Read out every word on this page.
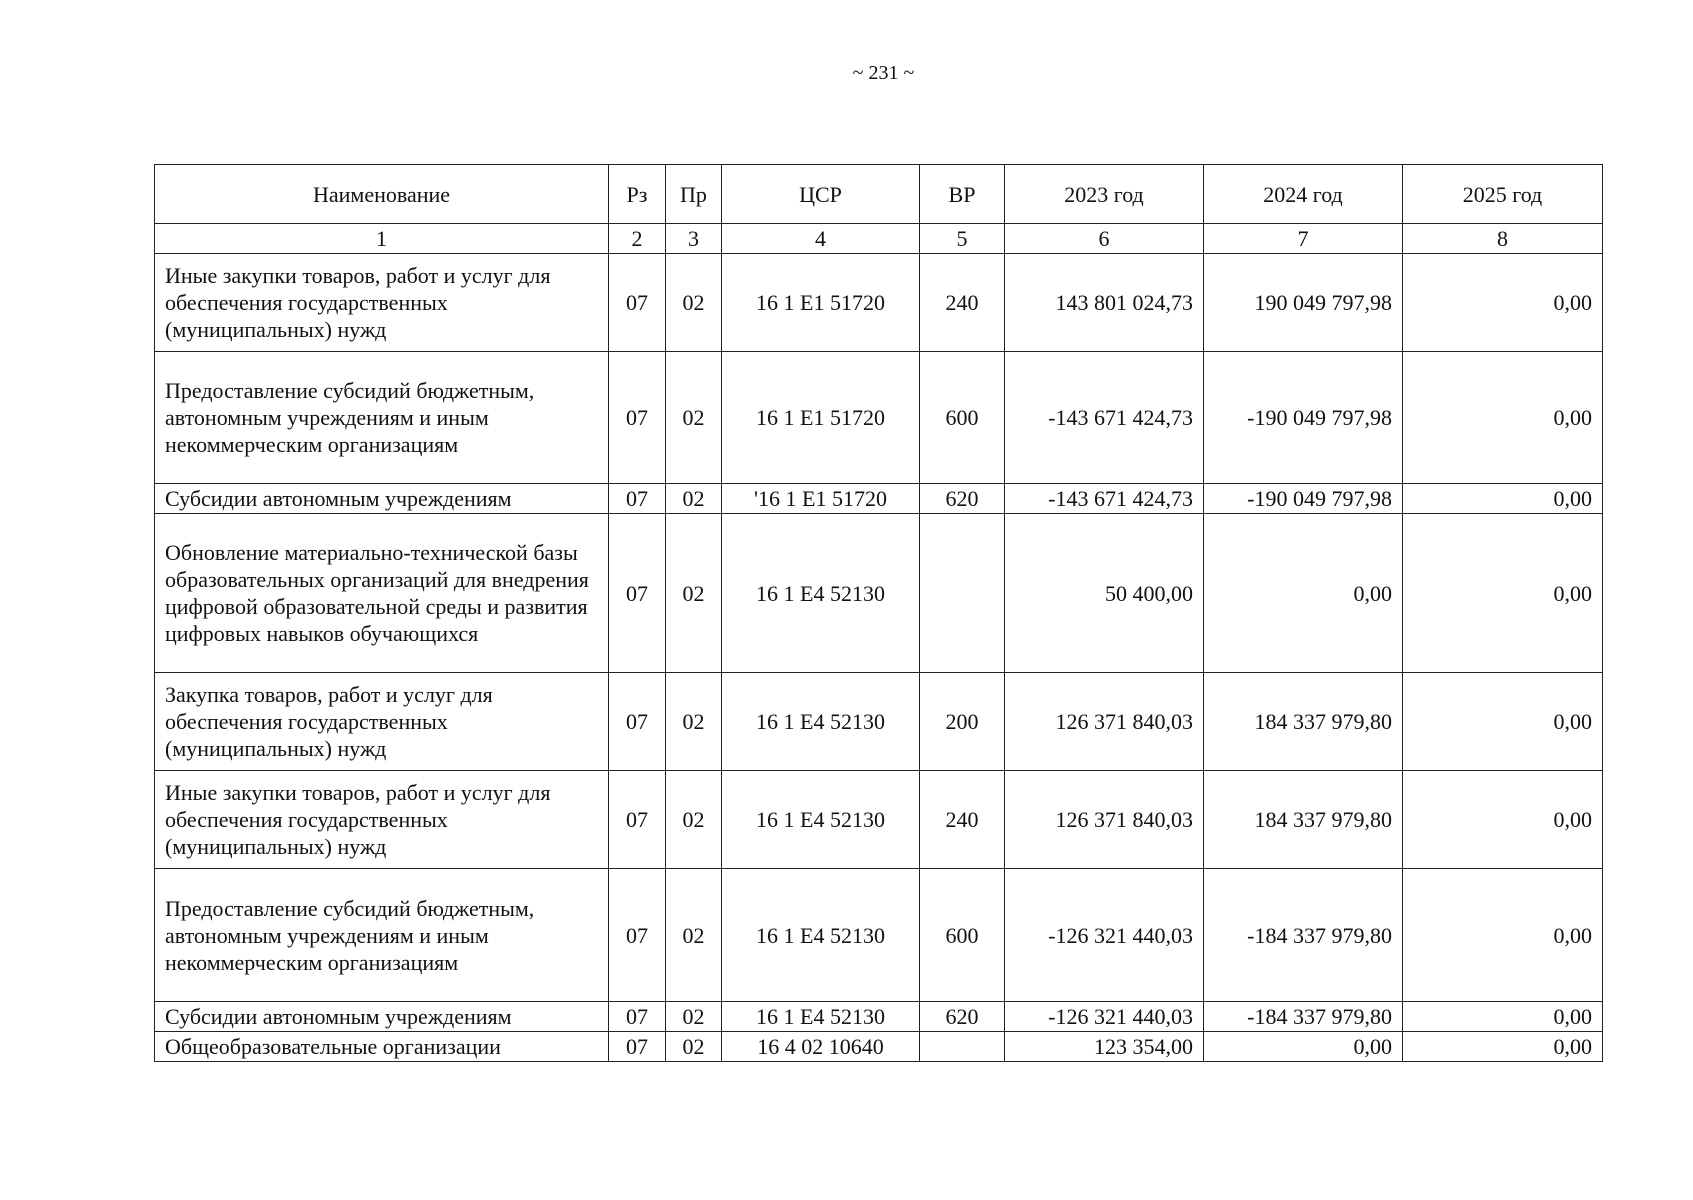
~ 231 ~
Наименование	Рз	Пр	ЦСР	ВР	2023 год	2024 год	2025 год
1	2	3	4	5	6	7	8
Иные закупки товаров, работ и услуг для обеспечения государственных (муниципальных) нужд	07	02	16 1 E1 51720	240	143 801 024,73	190 049 797,98	0,00
Предоставление субсидий бюджетным, автономным учреждениям и иным некоммерческим организациям	07	02	16 1 E1 51720	600	-143 671 424,73	-190 049 797,98	0,00
Субсидии автономным учреждениям	07	02	'16 1 E1 51720	620	-143 671 424,73	-190 049 797,98	0,00
Обновление материально-технической базы образовательных организаций для внедрения цифровой образовательной среды и развития цифровых навыков обучающихся	07	02	16 1 E4 52130		50 400,00	0,00	0,00
Закупка товаров, работ и услуг для обеспечения государственных (муниципальных) нужд	07	02	16 1 E4 52130	200	126 371 840,03	184 337 979,80	0,00
Иные закупки товаров, работ и услуг для обеспечения государственных (муниципальных) нужд	07	02	16 1 E4 52130	240	126 371 840,03	184 337 979,80	0,00
Предоставление субсидий бюджетным, автономным учреждениям и иным некоммерческим организациям	07	02	16 1 E4 52130	600	-126 321 440,03	-184 337 979,80	0,00
Субсидии автономным учреждениям	07	02	16 1 E4 52130	620	-126 321 440,03	-184 337 979,80	0,00
Общеобразовательные организации	07	02	16 4 02 10640		123 354,00	0,00	0,00
